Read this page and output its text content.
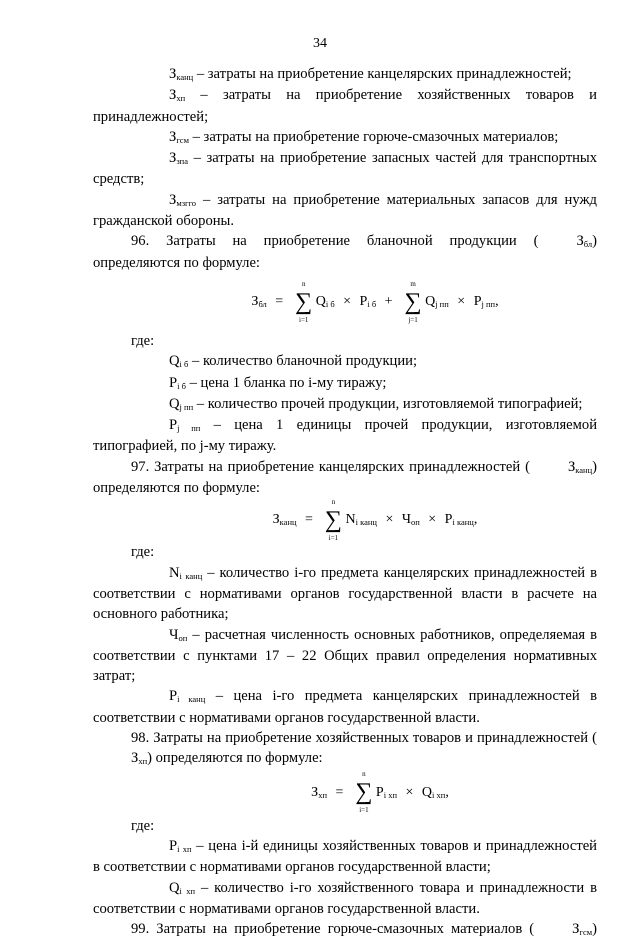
34

Зканц – затраты на приобретение канцелярских принадлежностей;

Зхп – затраты на приобретение хозяйственных товаров и принадлежностей;

Згсм – затраты на приобретение горюче-смазочных материалов;

Ззпа – затраты на приобретение запасных частей для транспортных средств;

Змзгго – затраты на приобретение материальных запасов для нужд гражданской обороны.

96. Затраты на приобретение бланочной продукции (	Збл) определяются по формуле:

Збл = ∑
n
i=1
Qi б × Pi б + ∑
m
j=1
Qj пп × Pj пп,

где:

Qi б – количество бланочной продукции;

Pi б – цена 1 бланка по i-му тиражу;

Qj пп – количество прочей продукции, изготовляемой типографией;

Pj пп – цена 1 единицы прочей продукции, изготовляемой типографией, по j-му тиражу.

97. Затраты на приобретение канцелярских принадлежностей (	Зканц) определяются по формуле:

Зканц = ∑
n
i=1
Ni канц × Чоп × Pi канц,

где:

Ni канц – количество i-го предмета канцелярских принадлежностей в соответствии с нормативами органов государственной власти в расчете на основного работника;

Чоп – расчетная численность основных работников, определяемая в соответствии с пунктами 17 – 22 Общих правил определения нормативных затрат;

Pi канц – цена i-го предмета канцелярских принадлежностей в соответствии с нормативами органов государственной власти.

98. Затраты на приобретение хозяйственных товаров и принадлежностей (Зхп) определяются по формуле:

Зхп = ∑
n
i=1
Pi хп × Qi хп,

где:

Pi хп – цена i-й единицы хозяйственных товаров и принадлежностей в соответствии с нормативами органов государственной власти;

Qi хп – количество i-го хозяйственного товара и принадлежности в соответствии с нормативами органов государственной власти.

99. Затраты на приобретение горюче-смазочных материалов (	Згсм)
